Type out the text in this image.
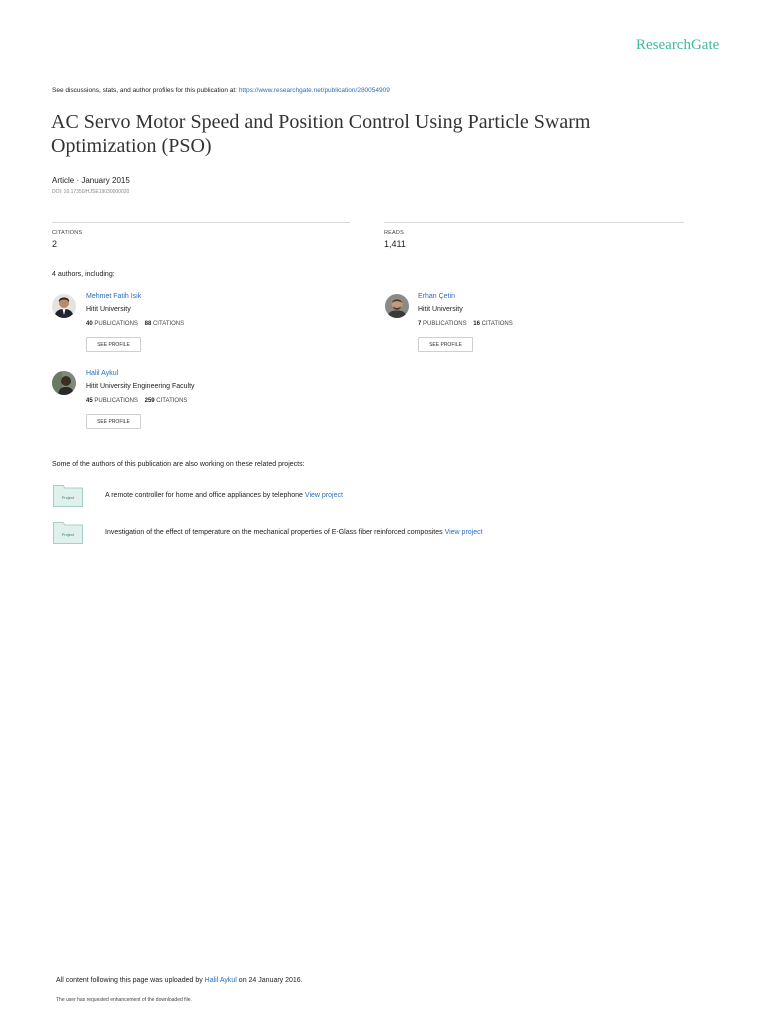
ResearchGate
See discussions, stats, and author profiles for this publication at: https://www.researchgate.net/publication/280054909
AC Servo Motor Speed and Position Control Using Particle Swarm Optimization (PSO)
Article · January 2015
DOI: 10.17350/HJSE19030000020
CITATIONS
2
READS
1,411
4 authors, including:
Mehmet Fatih Isik
Hitit University
40 PUBLICATIONS 88 CITATIONS
SEE PROFILE
Erhan Çetin
Hitit University
7 PUBLICATIONS 16 CITATIONS
SEE PROFILE
Halil Aykul
Hitit University Engineering Faculty
45 PUBLICATIONS 259 CITATIONS
SEE PROFILE
Some of the authors of this publication are also working on these related projects:
Project	A remote controller for home and office appliances by telephone View project
Project	Investigation of the effect of temperature on the mechanical properties of E-Glass fiber reinforced composites View project
All content following this page was uploaded by Halil Aykul on 24 January 2016.
The user has requested enhancement of the downloaded file.
